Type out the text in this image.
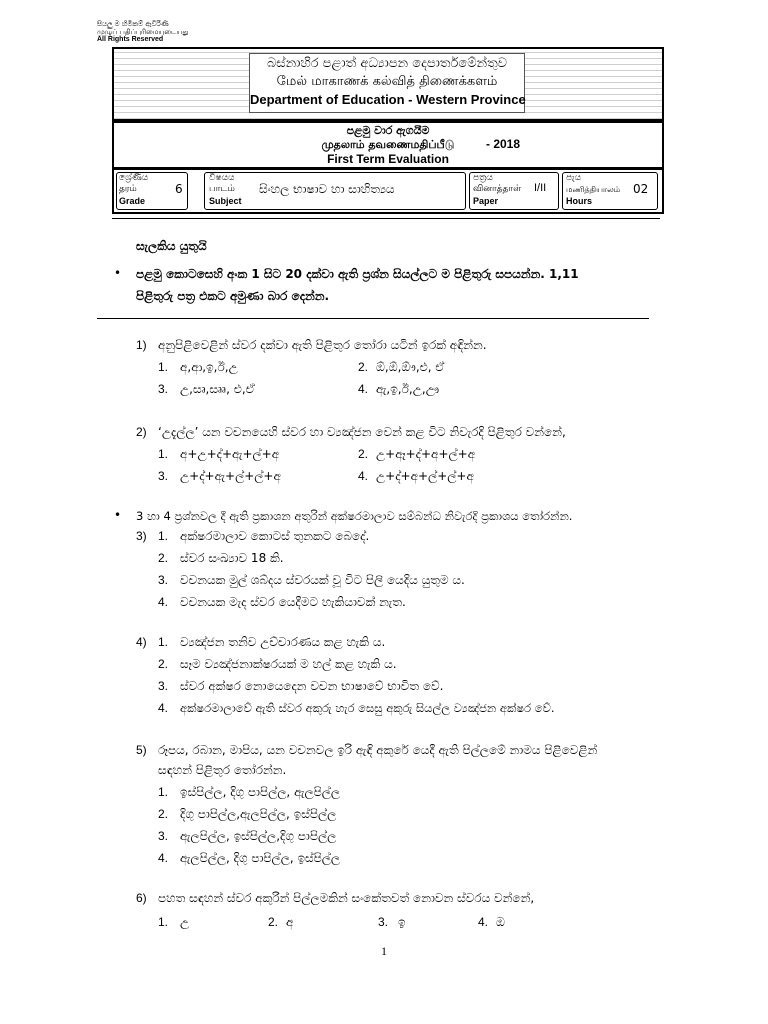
සියලු ම හිමිකම් ඇවිරිණි
முழுப் பதிப்புரிமையுடையது
All Rights Reserved
බස්නාහිර පළාත් අධ්‍යාපන දෙපාර්තමේන්තුව
மேல் மாகாணக் கல்வித் திணைக்களம்
Department of Education - Western Province
පළමු වාර ඇගයීම
முதலாம் தவணைமதிப்பீடு
First Term Evaluation
- 2018
ශ්‍රේණිය
தரம்
Grade
6
විෂයය
பாடம்
Subject
සිංහල භාෂාව හා සාහිත්‍යය
පත්‍රය
வினாத்தாள்
Paper
I/II
පැය
மணித்தியாலம்
Hours
02
සැලකිය යුතුයි
• පළමු කොටසෙහි අංක 1 සිට 20 දක්වා ඇති ප්‍රශ්න සියල්ලට ම පිළිතුරු සපයන්න. 1,11
පිළිතුරු පත්‍ර එකට අමුණා බාර දෙන්න.
1) අනුපිළිවෙළින් ස්වර දක්වා ඇති පිළිතුර තෝරා යටින් ඉරක් අඳින්න.
1. අ,ආ,ඉ,ඊ,උ	2. ඕ,ඕ,ඕෟ,එ, ඒ
3. උ,සෘ,සෲ, එ,ඒ	4. ඇ,ඉ,ඊ,උ,ඌ
2) ‘උදැල්ල’ යන වචනයෙහි ස්වර හා ව්‍යඤ්ජන වෙන් කළ විට නිවැරදි පිළිතුර වන්නේ,
1. අ+උ+ද්+ඇ+ල්+අ	2. උ+ඈ+ද්+අ+ල්+අ
3. උ+ද්+ඇ+ල්+ල්+අ	4. උ+ද්+අ+ල්+ල්+අ
• 3 හා 4 ප්‍රශ්නවල දී ඇති ප්‍රකාශන අතුරින් අක්ෂරමාලාව සම්බන්ධ නිවැරදි ප්‍රකාශය තෝරන්න.
3) 1. අක්ෂරමාලාව කොටස් තුනකට බෙදේ.
2. ස්වර සංඛ්‍යාව 18 කි.
3. වචනයක මුල් ශබ්දය ස්වරයක් වූ විට පිලි යෙදිය යුතුම ය.
4. වචනයක මැද ස්වර යෙදීමට හැකියාවක් නැත.
4) 1. ව්‍යඤ්ජන තනිව උච්චාරණය කළ හැකි ය.
2. සෑම ව්‍යඤ්ජනාක්ෂරයක් ම හල් කළ හැකි ය.
3. ස්වර අක්ෂර නොයෙදෙන වචන භාෂාවේ භාවිත වේ.
4. අක්ෂරමාලාවේ ඇති ස්වර අකුරු හැර සෙසු අකුරු සියල්ල ව්‍යඤ්ජන අක්ෂර වේ.
5) රූපය, රබාන, මාපිය, යන වචනවල ඉරි ඇඳි අකුරේ යෙදී ඇති පිල්ලමේ නාමය පිළිවෙළින්
සඳහන් පිළිතුර තෝරන්න.
1. ඉස්පිල්ල, දිගු පාපිල්ල, ඇලපිල්ල
2. දිගු පාපිල්ල,ඇලපිල්ල, ඉස්පිල්ල
3. ඇලපිල්ල, ඉස්පිල්ල,දිගු පාපිල්ල
4. ඇලපිල්ල, දිගු පාපිල්ල, ඉස්පිල්ල
6) පහත සඳහන් ස්වර අකුරින් පිල්ලමකින් සංකේතවත් නොවන ස්වරය වන්නේ,
1. උ	2. අ	3. ඉ	4. ඔ
1
